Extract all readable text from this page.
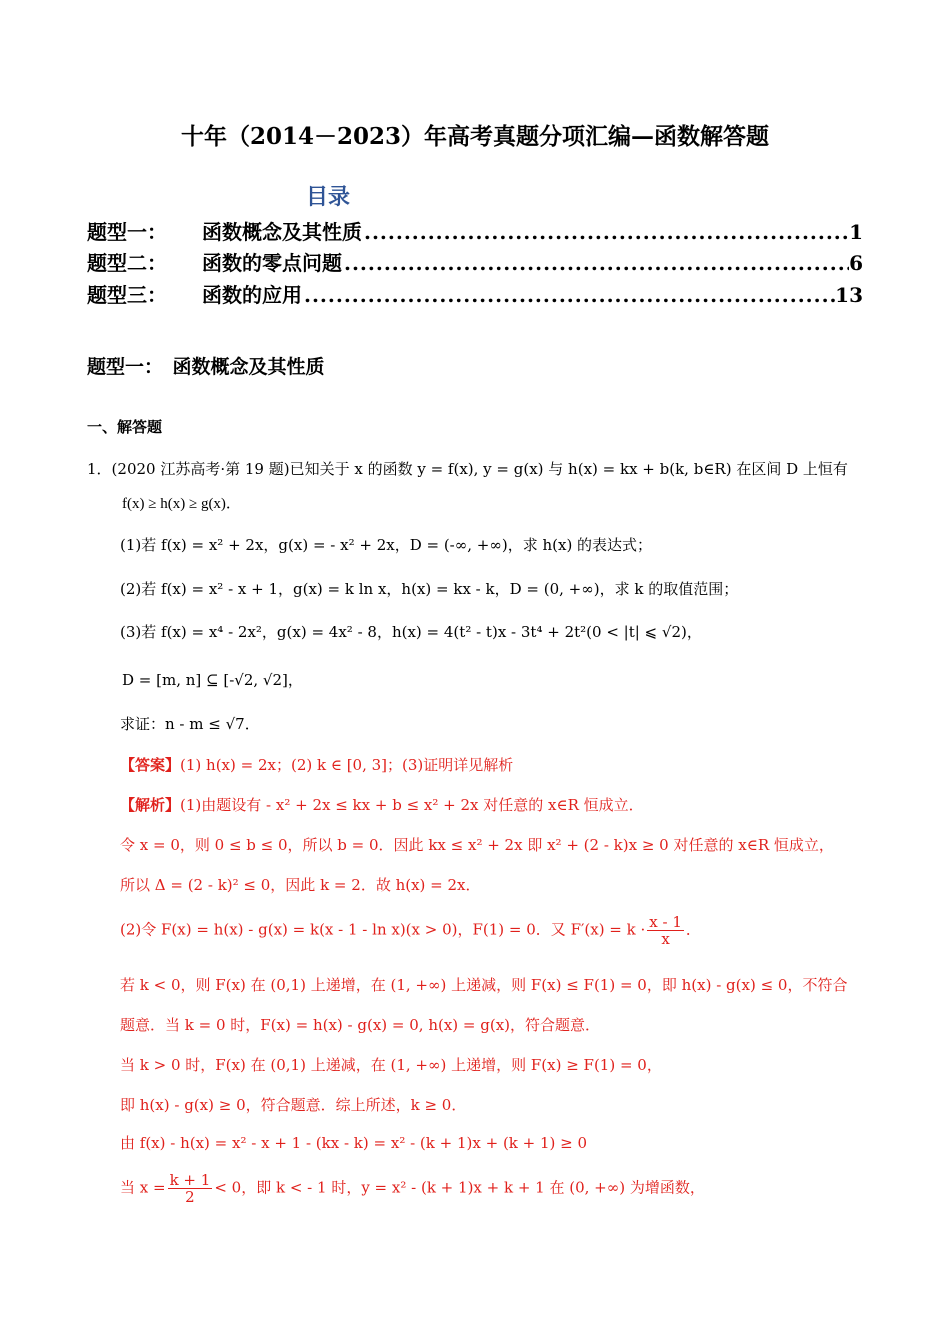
十年（2014－2023）年高考真题分项汇编—函数解答题
目录
题型一：	函数概念及其性质 .....	1
题型二：	函数的零点问题 .....	6
题型三：	函数的应用 .....	13
题型一：　函数概念及其性质
一、解答题
1．(2020 江苏高考·第 19 题)已知关于 x 的函数 y = f(x), y = g(x) 与 h(x) = kx + b(k, b∈R) 在区间 D 上恒有
f(x) ≥ h(x) ≥ g(x)．
(1)若 f(x) = x² + 2x，g(x) = - x² + 2x，D = (-∞, +∞)，求 h(x) 的表达式；
(2)若 f(x) = x² - x + 1，g(x) = k ln x，h(x) = kx - k，D = (0, +∞)，求 k 的取值范围；
(3)若 f(x) = x⁴ - 2x²，g(x) = 4x² - 8，h(x) = 4(t² - t)x - 3t⁴ + 2t²(0 < |t| ⩽ √2)，
D = [m, n] ⊆ [-√2, √2]，
求证：n - m ≤ √7．
【答案】(1) h(x) = 2x；(2) k ∈ [0, 3]；(3)证明详见解析
【解析】(1)由题设有 - x² + 2x ≤ kx + b ≤ x² + 2x 对任意的 x∈R 恒成立．
令 x = 0，则 0 ≤ b ≤ 0，所以 b = 0．因此 kx ≤ x² + 2x 即 x² + (2 - k)x ≥ 0 对任意的 x∈R 恒成立，
所以 Δ = (2 - k)² ≤ 0，因此 k = 2．故 h(x) = 2x．
(2)令 F(x) = h(x) - g(x) = k(x - 1 - ln x)(x > 0)，F(1) = 0．又 $F'(x) = k \cdot \frac{x - 1}{x}$ ．
若 k < 0，则 F(x) 在 (0,1) 上递增，在 (1, +∞) 上递减，则 F(x) ≤ F(1) = 0，即 h(x) - g(x) ≤ 0，不符合
题意．当 k = 0 时，F(x) = h(x) - g(x) = 0, h(x) = g(x)，符合题意．
当 k > 0 时，F(x) 在 (0,1) 上递减，在 (1, +∞) 上递增，则 F(x) ≥ F(1) = 0，
即 h(x) - g(x) ≥ 0，符合题意．综上所述，k ≥ 0．
由 f(x) - h(x) = x² - x + 1 - (kx - k) = x² - (k + 1)x + (k + 1) ≥ 0
当 $x = \frac{k + 1}{2} < 0$，即 k < - 1 时，y = x² - (k + 1)x + k + 1 在 (0, +∞) 为增函数，
